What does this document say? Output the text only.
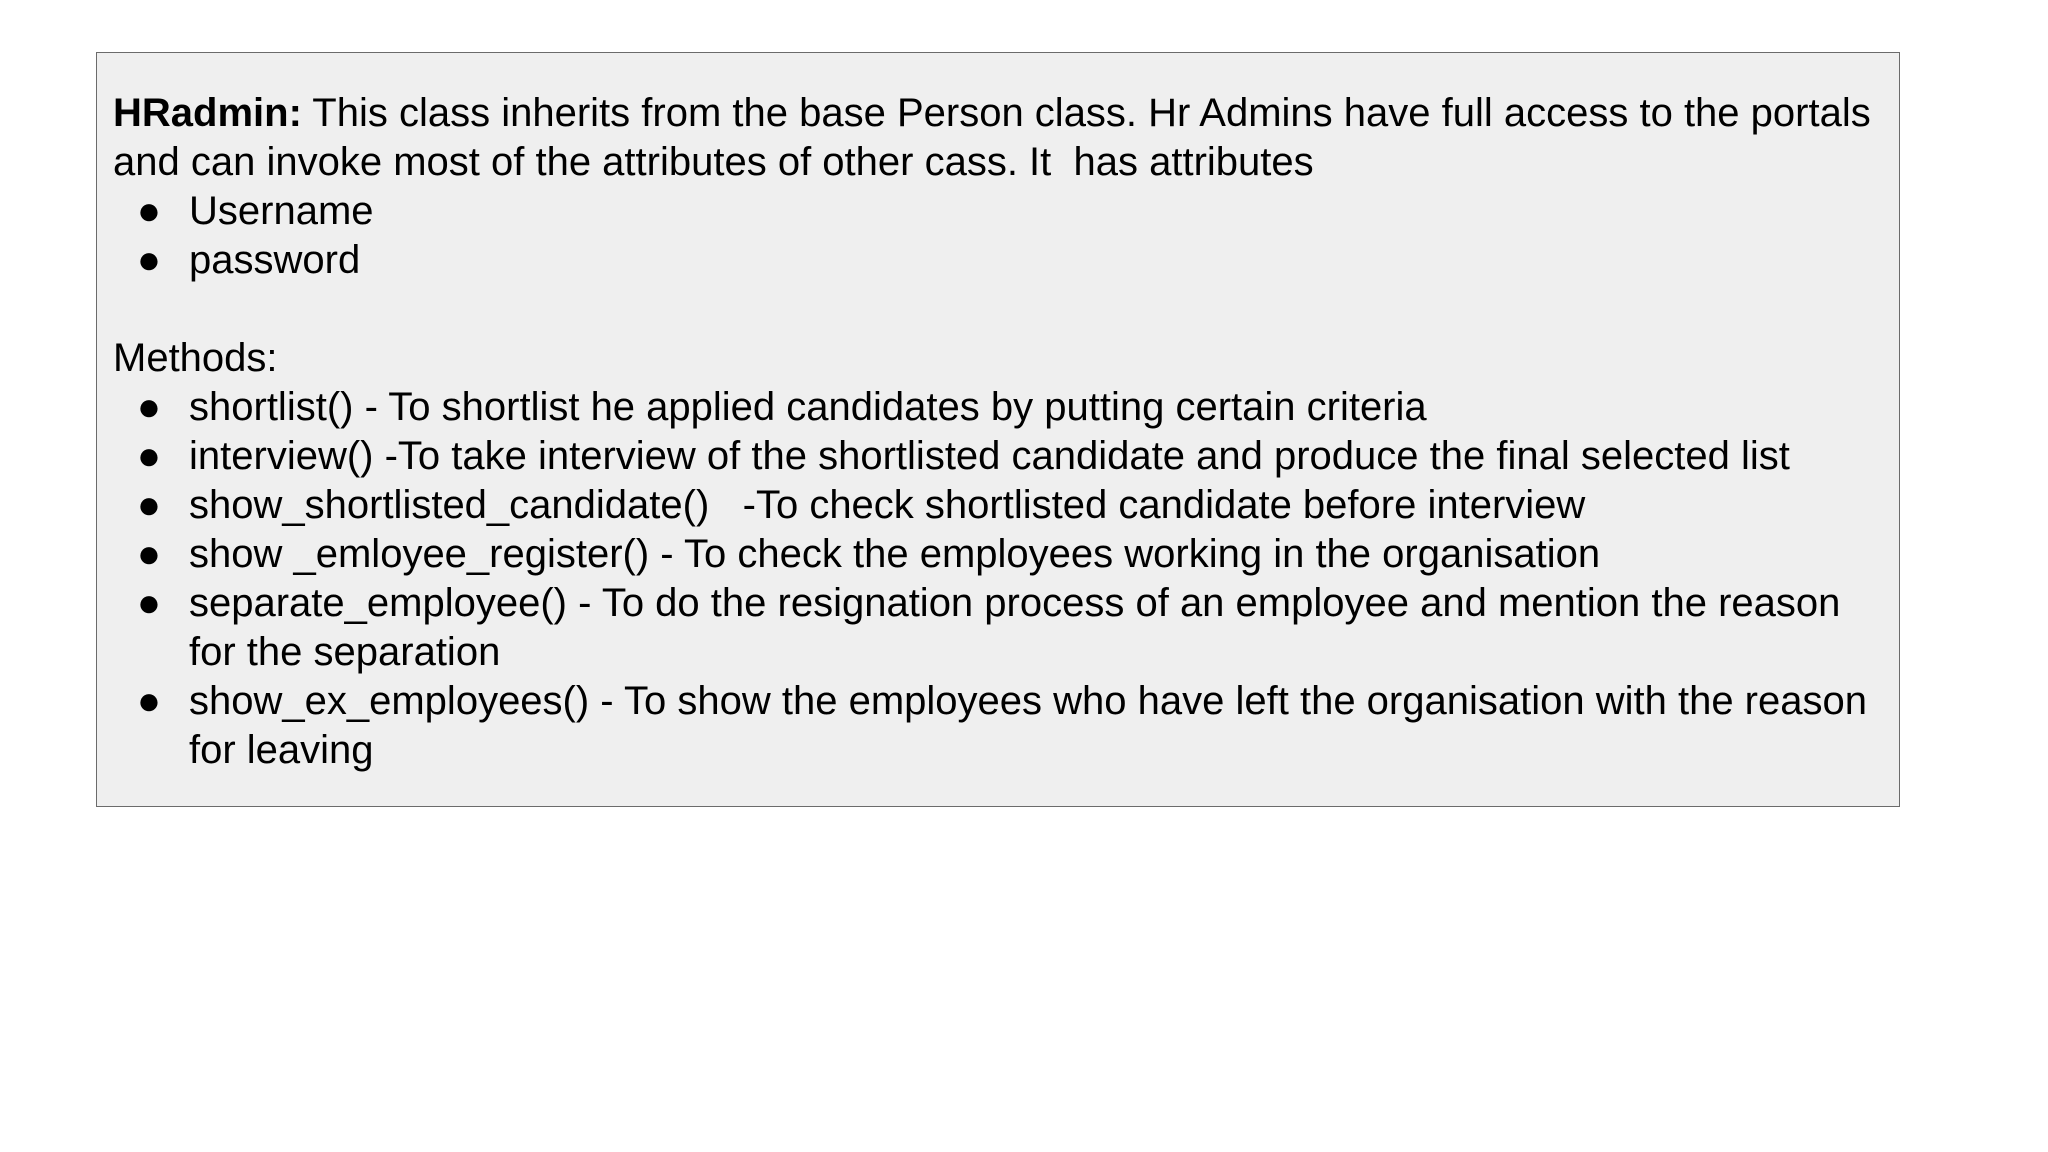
HRadmin: This class inherits from the base Person class. Hr Admins have full access to the portals and can invoke most of the attributes of other cass. It  has attributes

● Username
● password

Methods:

● shortlist() - To shortlist he applied candidates by putting certain criteria
● interview() -To take interview of the shortlisted candidate and produce the final selected list
● show_shortlisted_candidate()   -To check shortlisted candidate before interview
● show _emloyee_register() - To check the employees working in the organisation
● separate_employee() - To do the resignation process of an employee and mention the reason for the separation
● show_ex_employees() - To show the employees who have left the organisation with the reason for leaving
